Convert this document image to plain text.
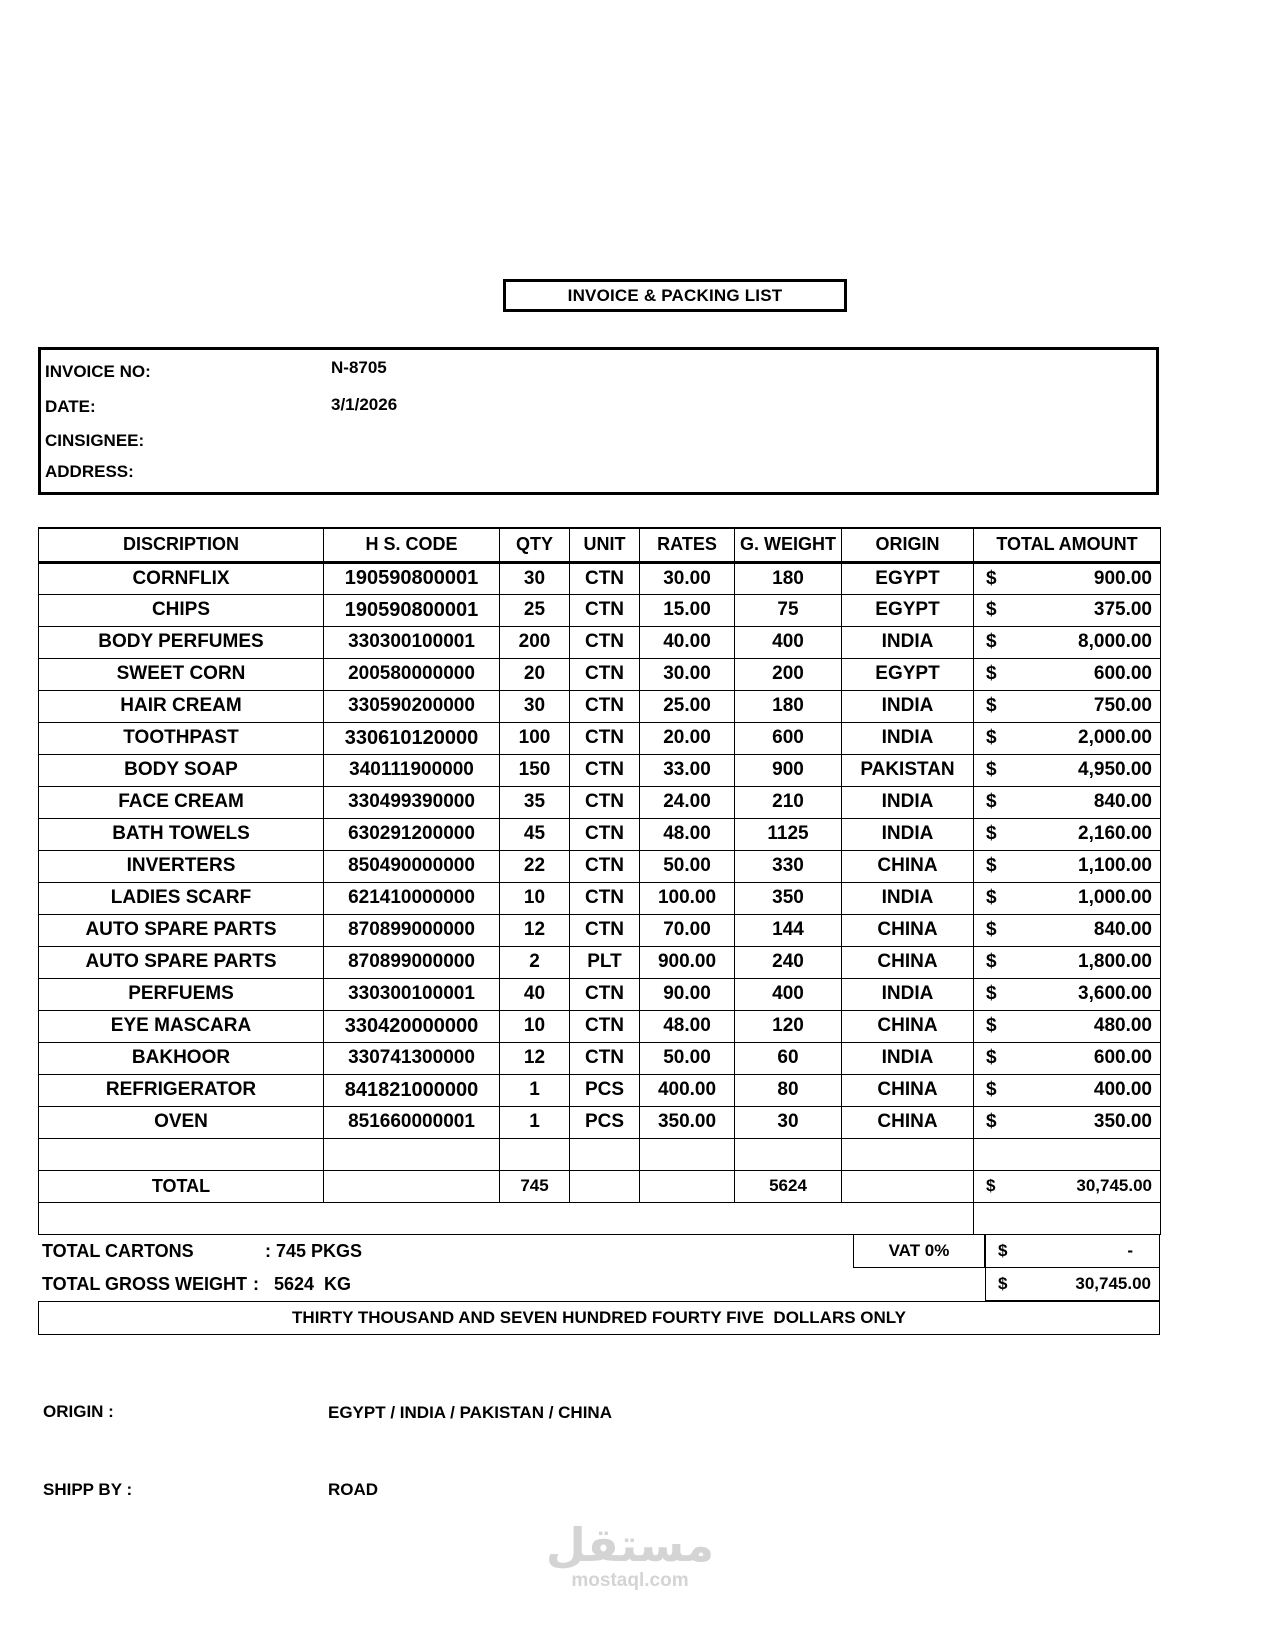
INVOICE & PACKING LIST
INVOICE NO:	N-8705
DATE:	3/1/2026
CINSIGNEE:
ADDRESS:
DISCRIPTION	H S. CODE	QTY	UNIT	RATES	G. WEIGHT	ORIGIN	TOTAL AMOUNT
CORNFLIX	190590800001	30	CTN	30.00	180	EGYPT	$ 900.00

CHIPS	190590800001	25	CTN	15.00	75	EGYPT	$ 375.00

BODY PERFUMES	330300100001	200	CTN	40.00	400	INDIA	$ 8,000.00

SWEET CORN	200580000000	20	CTN	30.00	200	EGYPT	$ 600.00

HAIR CREAM	330590200000	30	CTN	25.00	180	INDIA	$ 750.00

TOOTHPAST	330610120000	100	CTN	20.00	600	INDIA	$ 2,000.00

BODY SOAP	340111900000	150	CTN	33.00	900	PAKISTAN	$ 4,950.00

FACE CREAM	330499390000	35	CTN	24.00	210	INDIA	$ 840.00

BATH TOWELS	630291200000	45	CTN	48.00	1125	INDIA	$ 2,160.00

INVERTERS	850490000000	22	CTN	50.00	330	CHINA	$ 1,100.00

LADIES SCARF	621410000000	10	CTN	100.00	350	INDIA	$ 1,000.00

AUTO SPARE PARTS	870899000000	12	CTN	70.00	144	CHINA	$ 840.00

AUTO SPARE PARTS	870899000000	2	PLT	900.00	240	CHINA	$ 1,800.00

PERFUEMS	330300100001	40	CTN	90.00	400	INDIA	$ 3,600.00

EYE MASCARA	330420000000	10	CTN	48.00	120	CHINA	$ 480.00

BAKHOOR	330741300000	12	CTN	50.00	60	INDIA	$ 600.00

REFRIGERATOR	841821000000	1	PCS	400.00	80	CHINA	$ 400.00

OVEN	851660000001	1	PCS	350.00	30	CHINA	$ 350.00

TOTAL		745			5624		$ 30,745.00

TOTAL CARTONS	: 745 PKGS
TOTAL GROSS WEIGHT :   5624  KG
VAT 0%	$	-
$	30,745.00
THIRTY THOUSAND AND SEVEN HUNDRED FOURTY FIVE  DOLLARS ONLY
ORIGIN :	EGYPT / INDIA / PAKISTAN / CHINA
SHIPP BY :	ROAD
مستقل
mostaql.com
